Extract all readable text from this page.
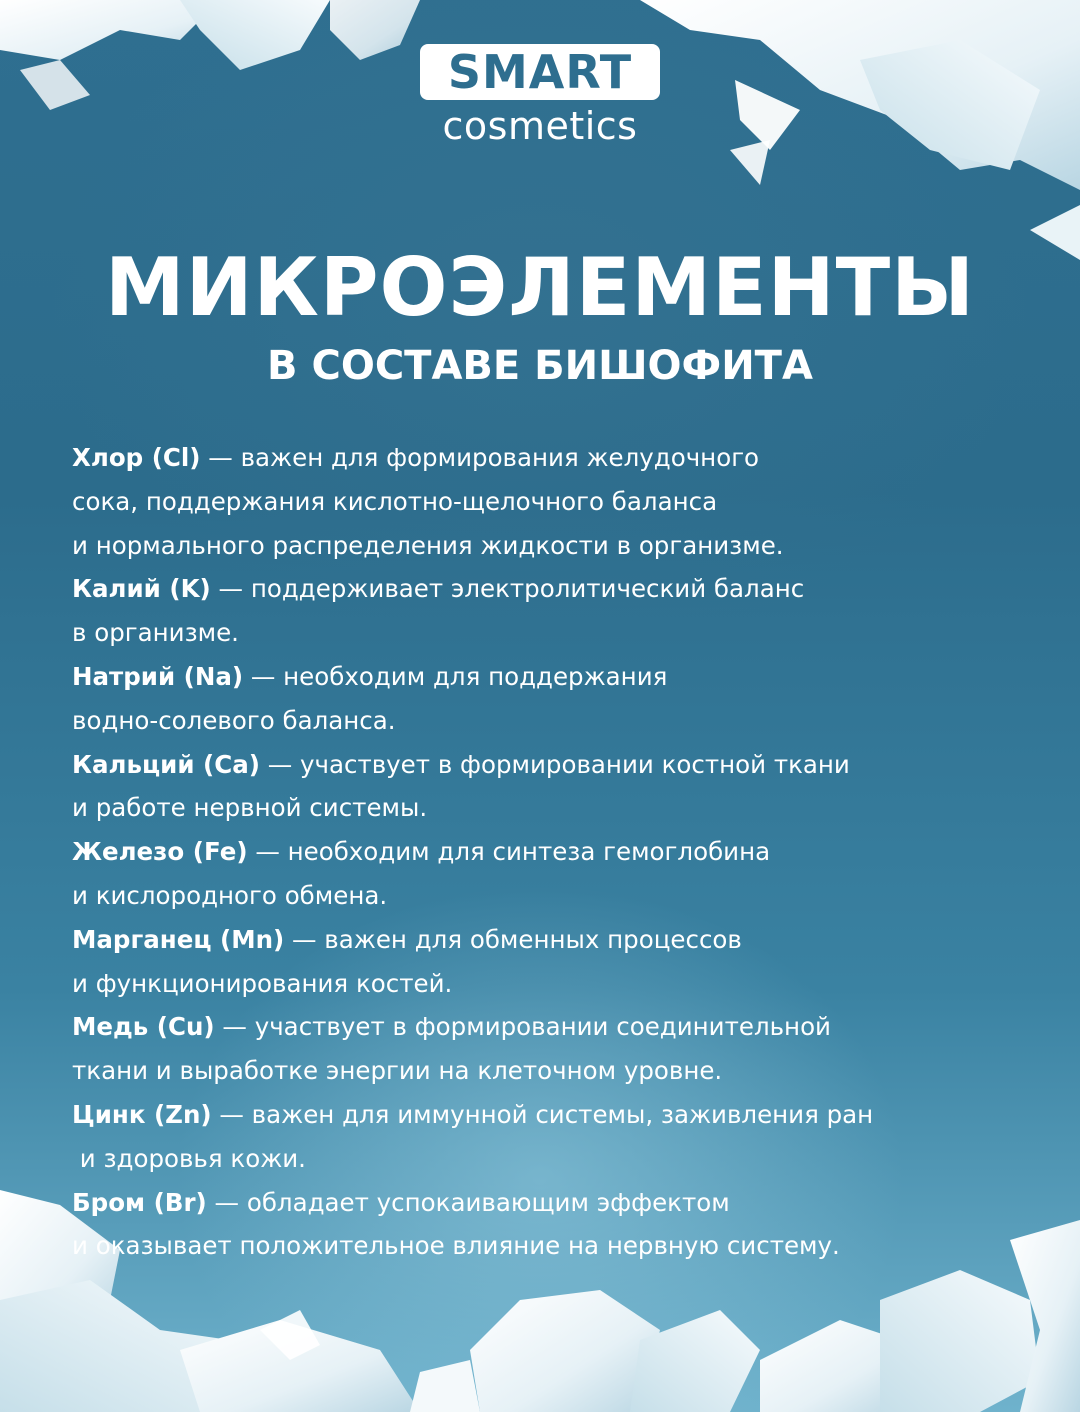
SMART
cosmetics
МИКРОЭЛЕМЕНТЫ
В СОСТАВЕ БИШОФИТА
Хлор (Cl) — важен для формирования желудочного
сока, поддержания кислотно-щелочного баланса
и нормального распределения жидкости в организме.
Калий (K) — поддерживает электролитический баланс
в организме.
Натрий (Na) — необходим для поддержания
водно-солевого баланса.
Кальций (Ca) — участвует в формировании костной ткани
и работе нервной системы.
Железо (Fe) — необходим для синтеза гемоглобина
и кислородного обмена.
Марганец (Mn) — важен для обменных процессов
и функционирования костей.
Медь (Cu) — участвует в формировании соединительной
ткани и выработке энергии на клеточном уровне.
Цинк (Zn) — важен для иммунной системы, заживления ран
и здоровья кожи.
Бром (Br) — обладает успокаивающим эффектом
и оказывает положительное влияние на нервную систему.
